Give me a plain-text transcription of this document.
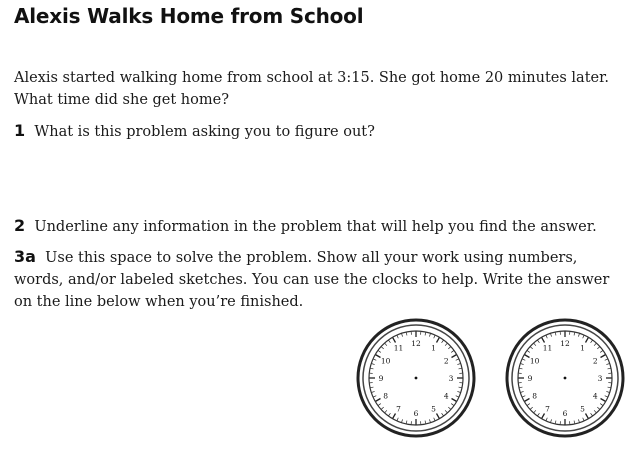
Alexis Walks Home from School

Alexis started walking home from school at 3:15. She got home 20 minutes later. What time did she get home?

1 What is this problem asking you to figure out?

2 Underline any information in the problem that will help you find the answer.

3a Use this space to solve the problem. Show all your work using numbers, words, and/or labeled sketches. You can use the clocks to help. Write the answer on the line below when you’re finished.

12
1
2
3
4
5
6
7
8
9
10
11
12
1
2
3
4
5
6
7
8
9
10
11
